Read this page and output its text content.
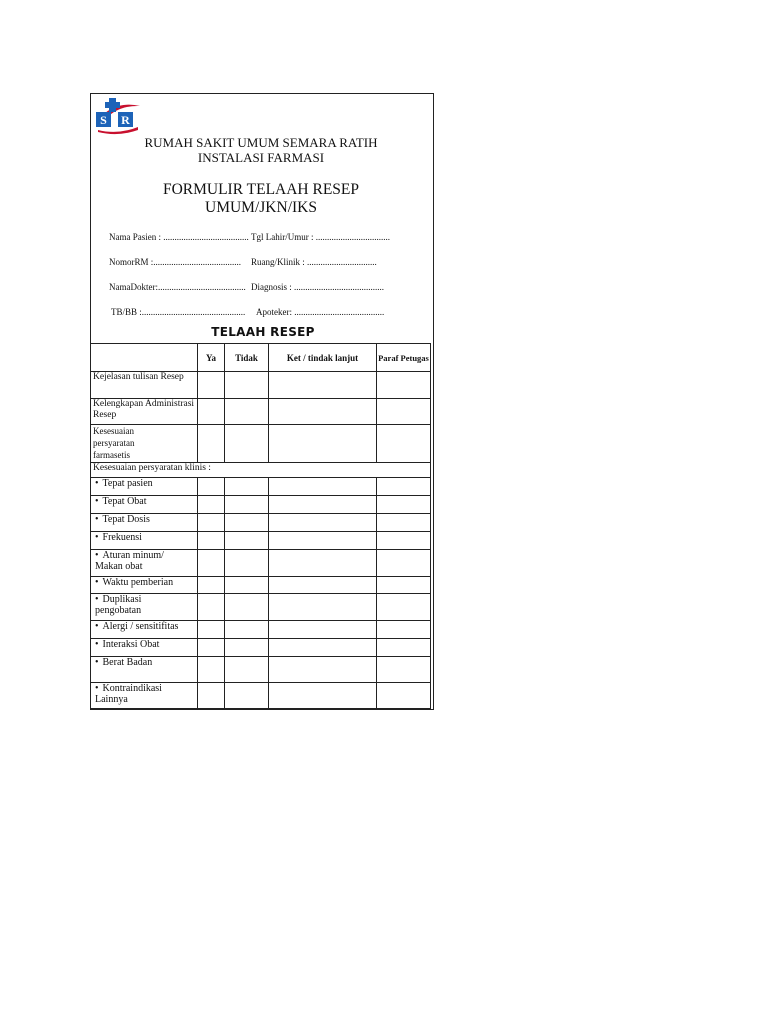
S R
RUMAH SAKIT UMUM SEMARA RATIH
INSTALASI FARMASI
FORMULIR TELAAH RESEP
UMUM/JKN/IKS
Nama Pasien : ...................................... Tgl Lahir/Umur : .................................
NomorRM :....................................... Ruang/Klinik : ...............................
NamaDokter:....................................... Diagnosis : ........................................
TB/BB :.............................................. Apoteker: ........................................
TELAAH RESEP
	Ya	Tidak	Ket / tindak lanjut	Paraf Petugas
Kejelasan tulisan Resep				
Kelengkapan Administrasi Resep				
Kesesuaian persyaratan farmasetis				
Kesesuaian persyaratan klinis :				
• Tepat pasien				
• Tepat Obat				
• Tepat Dosis				
• Frekuensi				
• Aturan minum/ Makan obat				
• Waktu pemberian				
• Duplikasi pengobatan				
• Alergi / sensitifitas				
• Interaksi Obat				
• Berat Badan				
• Kontraindikasi Lainnya				
